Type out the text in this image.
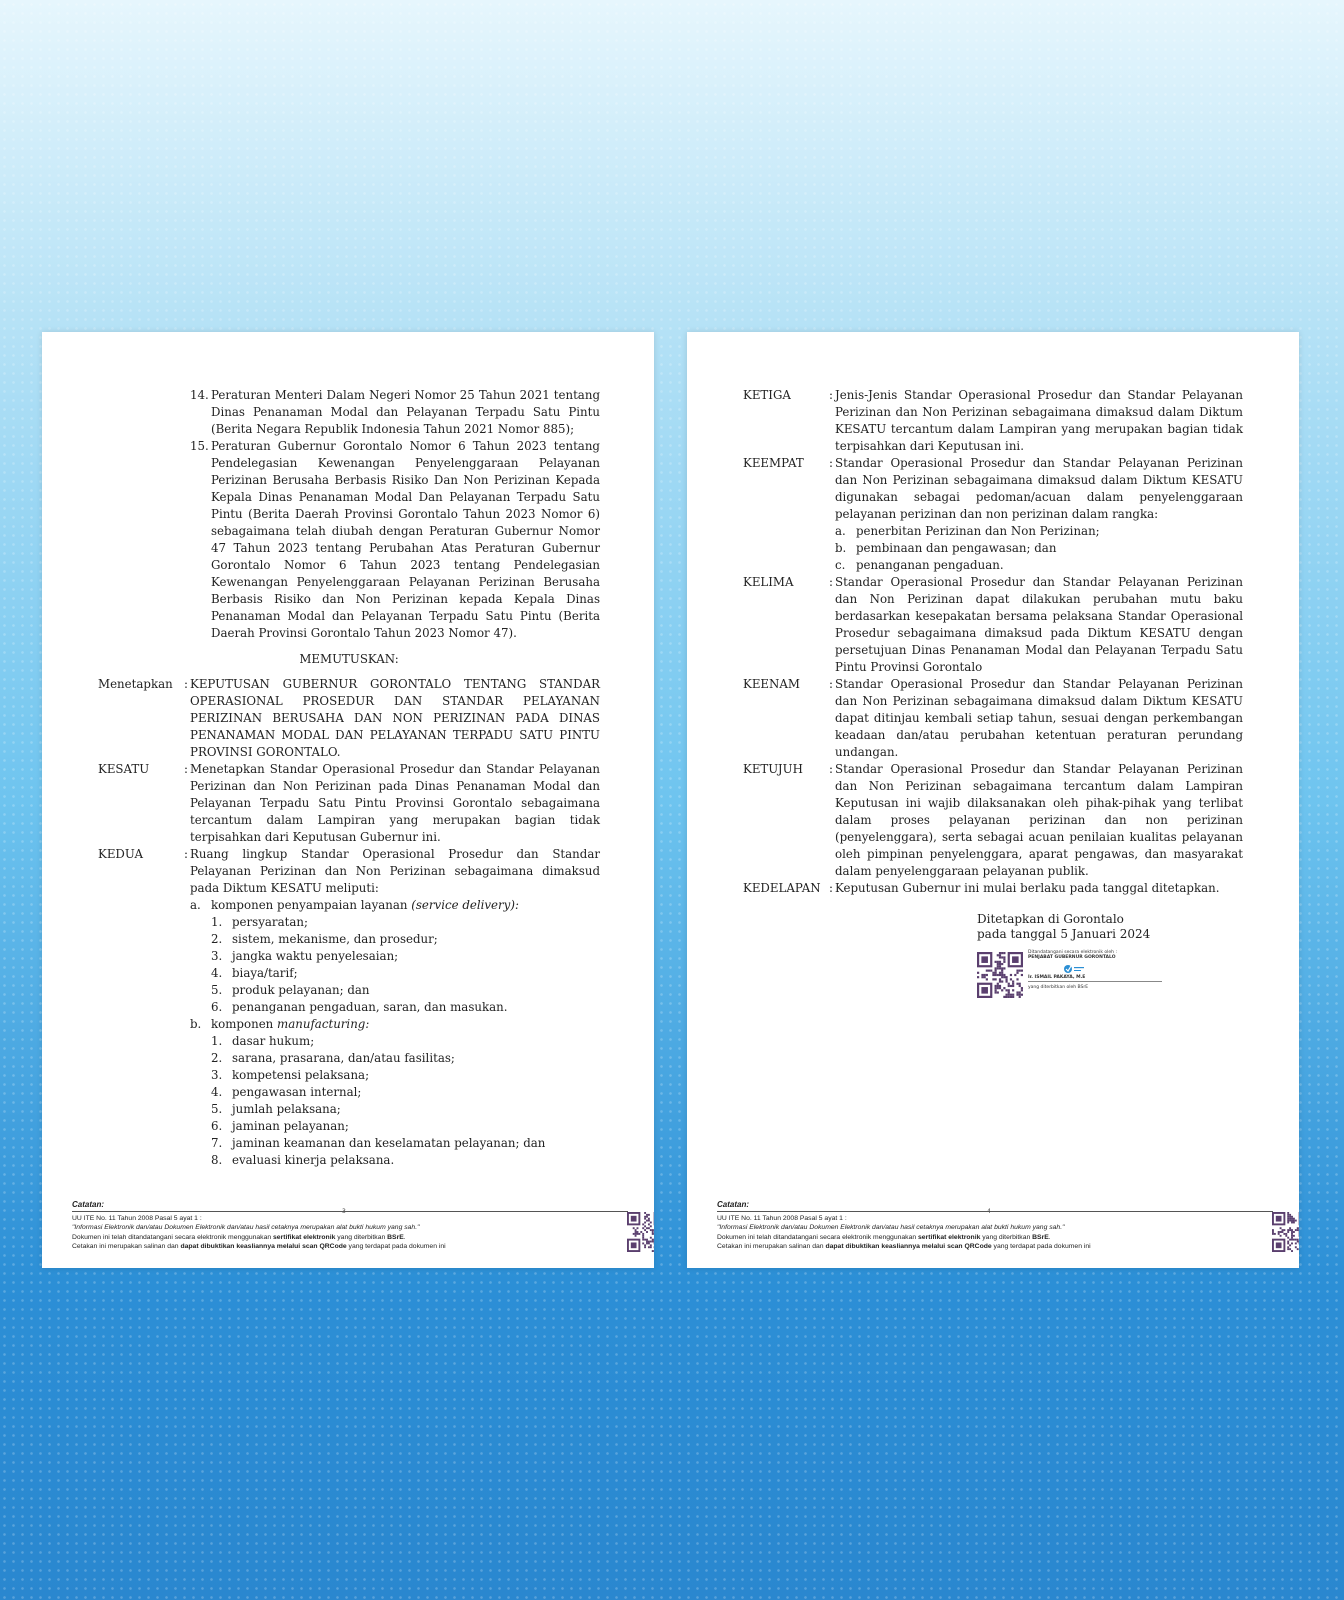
14. Peraturan Menteri Dalam Negeri Nomor 25 Tahun 2021 tentang Dinas Penanaman Modal dan Pelayanan Terpadu Satu Pintu (Berita Negara Republik Indonesia Tahun 2021 Nomor 885);
15. Peraturan Gubernur Gorontalo Nomor 6 Tahun 2023 tentang Pendelegasian Kewenangan Penyelenggaraan Pelayanan Perizinan Berusaha Berbasis Risiko Dan Non Perizinan Kepada Kepala Dinas Penanaman Modal Dan Pelayanan Terpadu Satu Pintu (Berita Daerah Provinsi Gorontalo Tahun 2023 Nomor 6) sebagaimana telah diubah dengan Peraturan Gubernur Nomor 47 Tahun 2023 tentang Perubahan Atas Peraturan Gubernur Gorontalo Nomor 6 Tahun 2023 tentang Pendelegasian Kewenangan Penyelenggaraan Pelayanan Perizinan Berusaha Berbasis Risiko dan Non Perizinan kepada Kepala Dinas Penanaman Modal dan Pelayanan Terpadu Satu Pintu (Berita Daerah Provinsi Gorontalo Tahun 2023 Nomor 47).
MEMUTUSKAN:
Menetapkan : KEPUTUSAN GUBERNUR GORONTALO TENTANG STANDAR OPERASIONAL PROSEDUR DAN STANDAR PELAYANAN PERIZINAN BERUSAHA DAN NON PERIZINAN PADA DINAS PENANAMAN MODAL DAN PELAYANAN TERPADU SATU PINTU PROVINSI GORONTALO.
KESATU	: Menetapkan Standar Operasional Prosedur dan Standar Pelayanan Perizinan dan Non Perizinan pada Dinas Penanaman Modal dan Pelayanan Terpadu Satu Pintu Provinsi Gorontalo sebagaimana tercantum dalam Lampiran yang merupakan bagian tidak terpisahkan dari Keputusan Gubernur ini.
KEDUA	: Ruang lingkup Standar Operasional Prosedur dan Standar Pelayanan Perizinan dan Non Perizinan sebagaimana dimaksud pada Diktum KESATU meliputi:
a. komponen penyampaian layanan (service delivery):
1. persyaratan;
2. sistem, mekanisme, dan prosedur;
3. jangka waktu penyelesaian;
4. biaya/tarif;
5. produk pelayanan; dan
6. penanganan pengaduan, saran, dan masukan.
b. komponen manufacturing:
1. dasar hukum;
2. sarana, prasarana, dan/atau fasilitas;
3. kompetensi pelaksana;
4. pengawasan internal;
5. jumlah pelaksana;
6. jaminan pelayanan;
7. jaminan keamanan dan keselamatan pelayanan; dan
8. evaluasi kinerja pelaksana.
3
Catatan:
UU ITE No. 11 Tahun 2008 Pasal 5 ayat 1 :
"Informasi Elektronik dan/atau Dokumen Elektronik dan/atau hasil cetaknya merupakan alat bukti hukum yang sah."
Dokumen ini telah ditandatangani secara elektronik menggunakan sertifikat elektronik yang diterbitkan BSrE.
Cetakan ini merupakan salinan dan dapat dibuktikan keasliannya melalui scan QRCode yang terdapat pada dokumen ini
KETIGA	: Jenis-Jenis Standar Operasional Prosedur dan Standar Pelayanan Perizinan dan Non Perizinan sebagaimana dimaksud dalam Diktum KESATU tercantum dalam Lampiran yang merupakan bagian tidak terpisahkan dari Keputusan ini.
KEEMPAT	: Standar Operasional Prosedur dan Standar Pelayanan Perizinan dan Non Perizinan sebagaimana dimaksud dalam Diktum KESATU digunakan sebagai pedoman/acuan dalam penyelenggaraan pelayanan perizinan dan non perizinan dalam rangka:
a. penerbitan Perizinan dan Non Perizinan;
b. pembinaan dan pengawasan; dan
c. penanganan pengaduan.
KELIMA	: Standar Operasional Prosedur dan Standar Pelayanan Perizinan dan Non Perizinan dapat dilakukan perubahan mutu baku berdasarkan kesepakatan bersama pelaksana Standar Operasional Prosedur sebagaimana dimaksud pada Diktum KESATU dengan persetujuan Dinas Penanaman Modal dan Pelayanan Terpadu Satu Pintu Provinsi Gorontalo
KEENAM	: Standar Operasional Prosedur dan Standar Pelayanan Perizinan dan Non Perizinan sebagaimana dimaksud dalam Diktum KESATU dapat ditinjau kembali setiap tahun, sesuai dengan perkembangan keadaan dan/atau perubahan ketentuan peraturan perundang undangan.
KETUJUH	: Standar Operasional Prosedur dan Standar Pelayanan Perizinan dan Non Perizinan sebagaimana tercantum dalam Lampiran Keputusan ini wajib dilaksanakan oleh pihak-pihak yang terlibat dalam proses pelayanan perizinan dan non perizinan (penyelenggara), serta sebagai acuan penilaian kualitas pelayanan oleh pimpinan penyelenggara, aparat pengawas, dan masyarakat dalam penyelenggaraan pelayanan publik.
KEDELAPAN : Keputusan Gubernur ini mulai berlaku pada tanggal ditetapkan.
Ditetapkan di Gorontalo
pada tanggal 5 Januari 2024
Ditandatangani secara elektronik oleh :
PENJABAT GUBERNUR GORONTALO
Ir. ISMAIL PAKAYA, M.E
yang diterbitkan oleh BSrE
4
Catatan:
UU ITE No. 11 Tahun 2008 Pasal 5 ayat 1 :
"Informasi Elektronik dan/atau Dokumen Elektronik dan/atau hasil cetaknya merupakan alat bukti hukum yang sah."
Dokumen ini telah ditandatangani secara elektronik menggunakan sertifikat elektronik yang diterbitkan BSrE.
Cetakan ini merupakan salinan dan dapat dibuktikan keasliannya melalui scan QRCode yang terdapat pada dokumen ini
